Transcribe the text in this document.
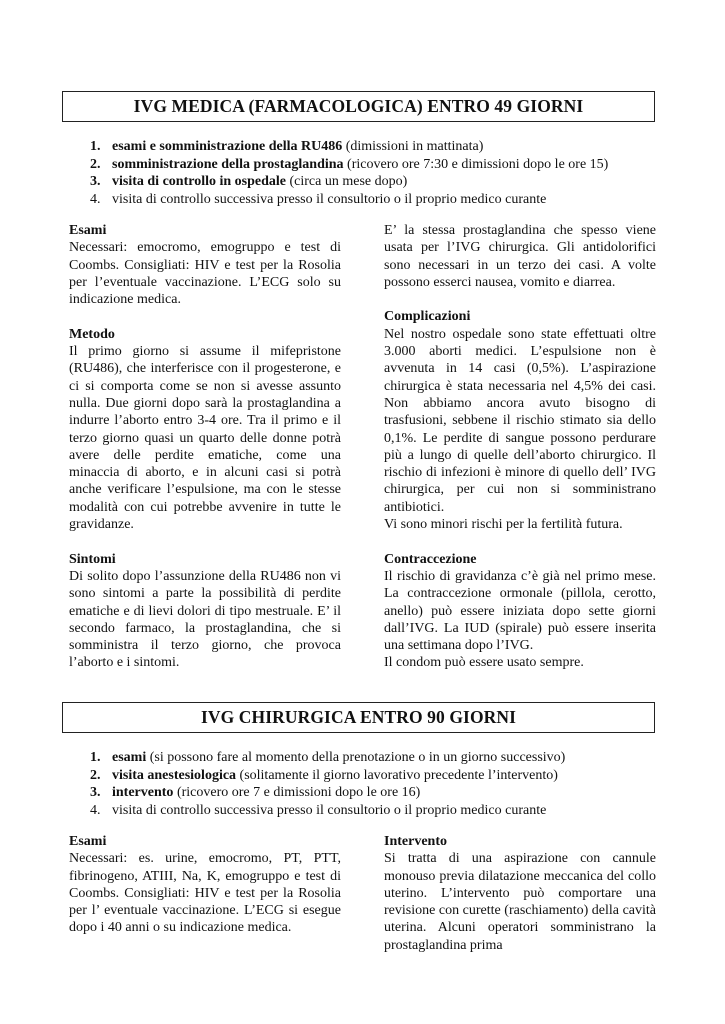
IVG MEDICA (FARMACOLOGICA) ENTRO 49 GIORNI
1. esami e somministrazione della RU486 (dimissioni in mattinata)
2. somministrazione della prostaglandina (ricovero ore 7:30 e dimissioni dopo le ore 15)
3. visita di controllo in ospedale (circa un mese dopo)
4. visita di controllo successiva presso il consultorio o il proprio medico curante
Esami

Necessari: emocromo, emogruppo e test di Coombs. Consigliati: HIV e test per la Rosolia per l’eventuale vaccinazione. L’ECG solo su indicazione medica.

Metodo

Il primo giorno si assume il mifepristone (RU486), che interferisce con il progesterone, e ci si comporta come se non si avesse assunto nulla. Due giorni dopo sarà la prostaglandina a indurre l’aborto entro 3-4 ore. Tra il primo e il terzo giorno quasi un quarto delle donne potrà avere delle perdite ematiche, come una minaccia di aborto, e in alcuni casi si potrà anche verificare l’espulsione, ma con le stesse modalità con cui potrebbe avvenire in tutte le gravidanze.

Sintomi

Di solito dopo l’assunzione della RU486 non vi sono sintomi a parte la possibilità di perdite ematiche e di lievi dolori di tipo mestruale. E’ il secondo farmaco, la prostaglandina, che si somministra il terzo giorno, che provoca l’aborto e i sintomi.

E’ la stessa prostaglandina che spesso viene usata per l’IVG chirurgica. Gli antidolorifici sono necessari in un terzo dei casi. A volte possono esserci nausea, vomito e diarrea.

Complicazioni

Nel nostro ospedale sono state effettuati oltre 3.000 aborti medici. L’espulsione non è avvenuta in 14 casi (0,5%). L’aspirazione chirurgica è stata necessaria nel 4,5% dei casi. Non abbiamo ancora avuto bisogno di trasfusioni, sebbene il rischio stimato sia dello 0,1%. Le perdite di sangue possono perdurare più a lungo di quelle dell’aborto chirurgico. Il rischio di infezioni è minore di quello dell’ IVG chirurgica, per cui non si somministrano antibiotici.

Vi sono minori rischi per la fertilità futura.

Contraccezione

Il rischio di gravidanza c’è già nel primo mese. La contraccezione ormonale (pillola, cerotto, anello) può essere iniziata dopo sette giorni dall’IVG. La IUD (spirale) può essere inserita una settimana dopo l’IVG.

Il condom può essere usato sempre.

IVG CHIRURGICA ENTRO 90 GIORNI
1. esami (si possono fare al momento della prenotazione o in un giorno successivo)
2. visita anestesiologica (solitamente il giorno lavorativo precedente l’intervento)
3. intervento (ricovero ore 7 e dimissioni dopo le ore 16)
4. visita di controllo successiva presso il consultorio o il proprio medico curante
Esami

Necessari: es. urine, emocromo, PT, PTT, fibrinogeno, ATIII, Na, K, emogruppo e test di Coombs. Consigliati: HIV e test per la Rosolia per l’ eventuale vaccinazione. L’ECG si esegue dopo i 40 anni o su indicazione medica.

Intervento

Si tratta di una aspirazione con cannule monouso previa dilatazione meccanica del collo uterino. L’intervento può comportare una revisione con curette (raschiamento) della cavità uterina. Alcuni operatori somministrano la prostaglandina prima
